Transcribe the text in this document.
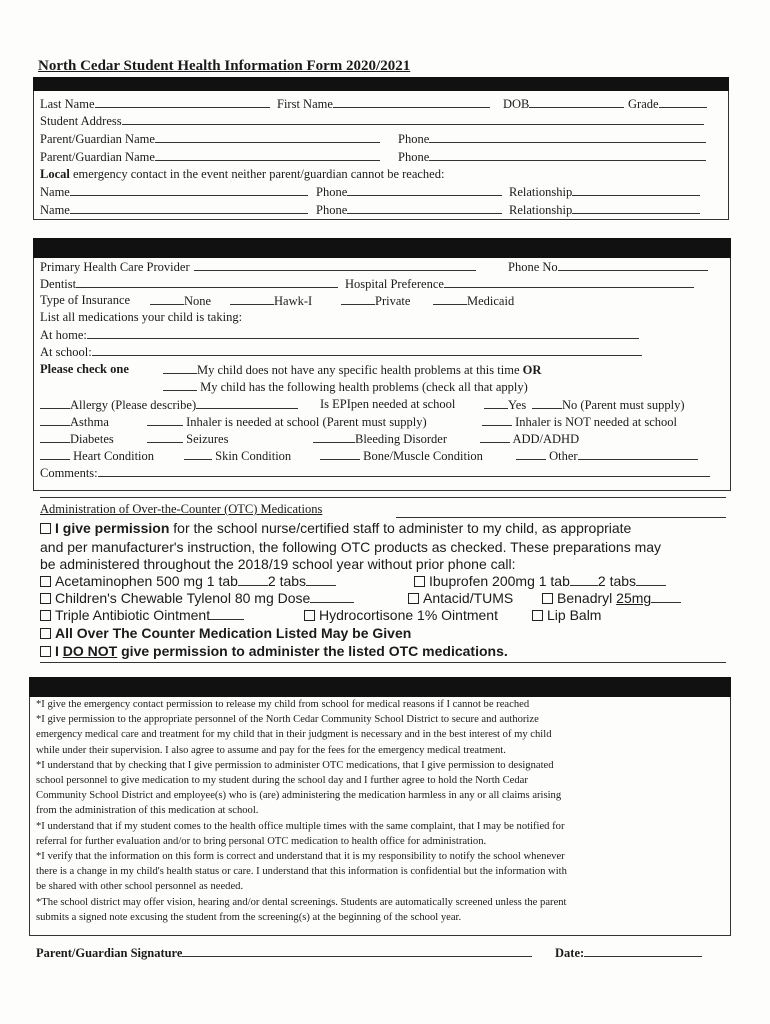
North Cedar Student Health Information Form 2020/2021
Last Name	First Name	DOB	Grade
Student Address
Parent/Guardian Name	Phone
Parent/Guardian Name	Phone
Local emergency contact in the event neither parent/guardian cannot be reached:
Name	Phone	Relationship
Name	Phone	Relationship
Primary Health Care Provider	Phone No
Dentist	Hospital Preference
Type of Insurance	None	Hawk-I	Private	Medicaid
List all medications your child is taking:
At home:
At school:
Please check one	My child does not have any specific health problems at this time OR
My child has the following health problems (check all that apply)
Allergy (Please describe)	Is EPIpen needed at school	Yes	No (Parent must supply)
Asthma	Inhaler is needed at school (Parent must supply)	Inhaler is NOT needed at school
Diabetes	Seizures	Bleeding Disorder	ADD/ADHD
Heart Condition	Skin Condition	Bone/Muscle Condition	Other
Comments:
Administration of Over-the-Counter (OTC) Medications
I give permission for the school nurse/certified staff to administer to my child, as appropriate
and per manufacturer's instruction, the following OTC products as checked. These preparations may
be administered throughout the 2018/19 school year without prior phone call:
Acetaminophen 500 mg 1 tab 2 tabs	Ibuprofen 200mg 1 tab 2 tabs
Children's Chewable Tylenol 80 mg Dose	Antacid/TUMS	Benadryl 25mg
Triple Antibiotic Ointment	Hydrocortisone 1% Ointment	Lip Balm
All Over The Counter Medication Listed May be Given
I DO NOT give permission to administer the listed OTC medications.
*I give the emergency contact permission to release my child from school for medical reasons if I cannot be reached
*I give permission to the appropriate personnel of the North Cedar Community School District to secure and authorize
emergency medical care and treatment for my child that in their judgment is necessary and in the best interest of my child
while under their supervision. I also agree to assume and pay for the fees for the emergency medical treatment.
*I understand that by checking that I give permission to administer OTC medications, that I give permission to designated
school personnel to give medication to my student during the school day and I further agree to hold the North Cedar
Community School District and employee(s) who is (are) administering the medication harmless in any or all claims arising
from the administration of this medication at school.
*I understand that if my student comes to the health office multiple times with the same complaint, that I may be notified for
referral for further evaluation and/or to bring personal OTC medication to health office for administration.
*I verify that the information on this form is correct and understand that it is my responsibility to notify the school whenever
there is a change in my child's health status or care. I understand that this information is confidential but the information with
be shared with other school personnel as needed.
*The school district may offer vision, hearing and/or dental screenings. Students are automatically screened unless the parent
submits a signed note excusing the student from the screening(s) at the beginning of the school year.
Parent/Guardian Signature	Date:
